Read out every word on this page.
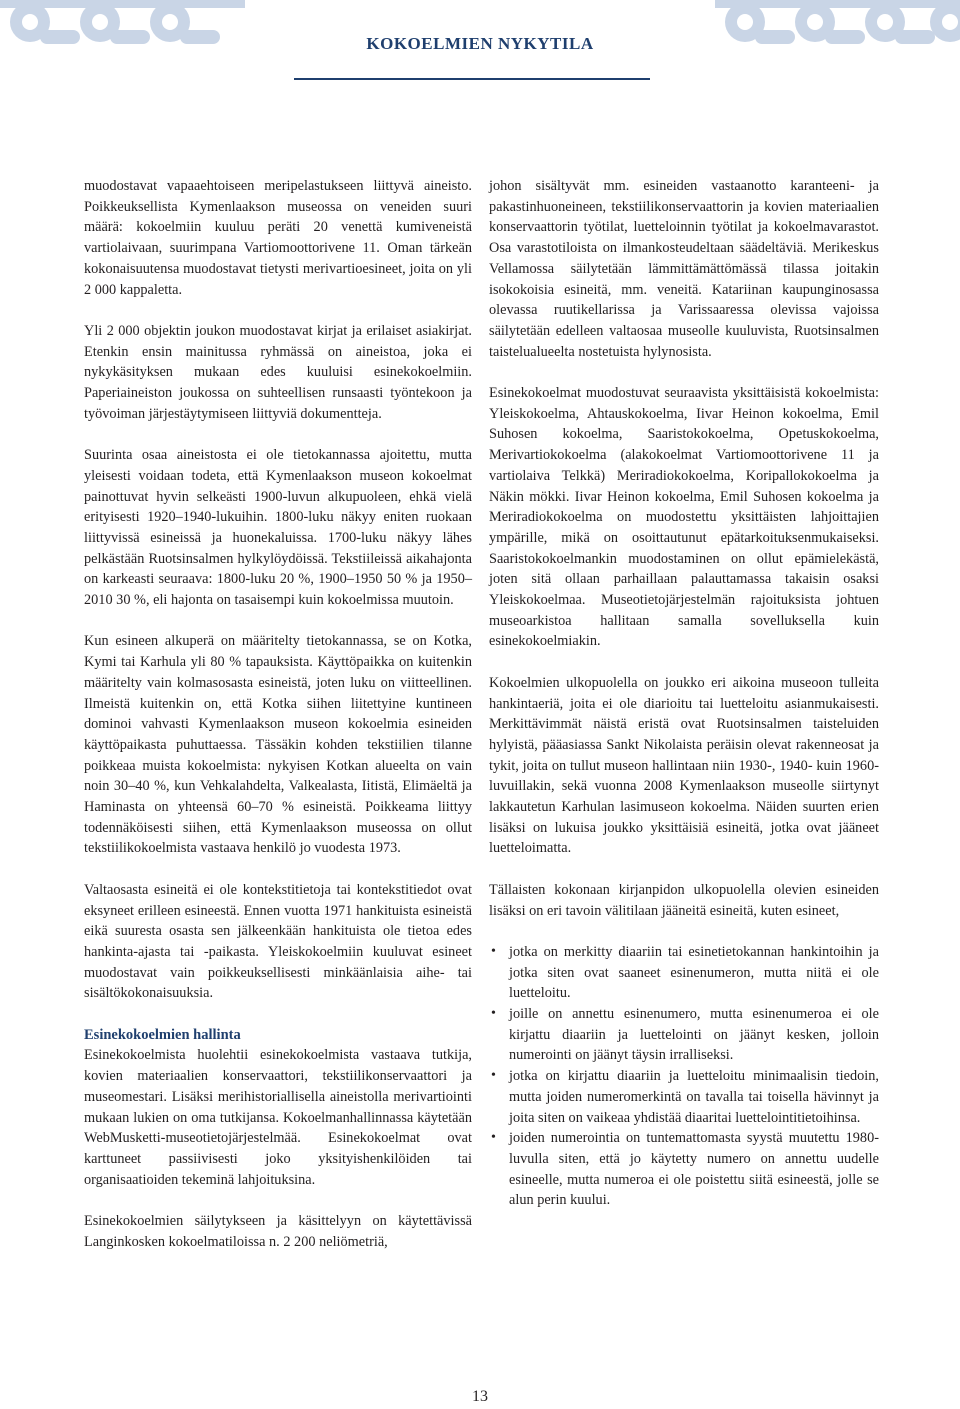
KOKOELMIEN NYKYTILA

muodostavat vapaaehtoiseen meripelastukseen liittyvä aineisto. Poikkeuksellista Kymenlaakson museossa on veneiden suuri määrä: kokoelmiin kuuluu peräti 20 venettä kumiveneistä vartiolaivaan, suurimpana Vartiomoottorivene 11. Oman tärkeän kokonaisuutensa muodostavat tietysti merivartioesineet, joita on yli 2 000 kappaletta.

Yli 2 000 objektin joukon muodostavat kirjat ja erilaiset asiakirjat. Etenkin ensin mainitussa ryhmässä on aineistoa, joka ei nykykäsityksen mukaan edes kuuluisi esinekokoelmiin. Paperiaineiston joukossa on suhteellisen runsaasti työntekoon ja työvoiman järjestäytymiseen liittyviä dokumentteja.

Suurinta osaa aineistosta ei ole tietokannassa ajoitettu, mutta yleisesti voidaan todeta, että Kymenlaakson museon kokoelmat painottuvat hyvin selkeästi 1900-luvun alkupuoleen, ehkä vielä erityisesti 1920–1940-lukuihin. 1800-luku näkyy eniten ruokaan liittyvissä esineissä ja huonekaluissa. 1700-luku näkyy lähes pelkästään Ruotsinsalmen hylkylöydöissä. Tekstiileissä aikahajonta on karkeasti seuraava: 1800-luku 20 %, 1900–1950 50 % ja 1950–2010 30 %, eli hajonta on tasaisempi kuin kokoelmissa muutoin.

Kun esineen alkuperä on määritelty tietokannassa, se on Kotka, Kymi tai Karhula yli 80 % tapauksista. Käyttöpaikka on kuitenkin määritelty vain kolmasosasta esineistä, joten luku on viitteellinen. Ilmeistä kuitenkin on, että Kotka siihen liitettyine kuntineen dominoi vahvasti Kymenlaakson museon kokoelmia esineiden käyttöpaikasta puhuttaessa. Tässäkin kohden tekstiilien tilanne poikkeaa muista kokoelmista: nykyisen Kotkan alueelta on vain noin 30–40 %, kun Vehkalahdelta, Valkealasta, Iitistä, Elimäeltä ja Haminasta on yhteensä 60–70 % esineistä. Poikkeama liittyy todennäköisesti siihen, että Kymenlaakson museossa on ollut tekstiilikokoelmista vastaava henkilö jo vuodesta 1973.

Valtaosasta esineitä ei ole kontekstitietoja tai kontekstitiedot ovat eksyneet erilleen esineestä. Ennen vuotta 1971 hankituista esineistä eikä suuresta osasta sen jälkeenkään hankituista ole tietoa edes hankinta-ajasta tai -paikasta. Yleiskokoelmiin kuuluvat esineet muodostavat vain poikkeuksellisesti minkäänlaisia aihe- tai sisältökokonaisuuksia.

Esinekokoelmien hallinta
Esinekokoelmista huolehtii esinekokoelmista vastaava tutkija, kovien materiaalien konservaattori, tekstiilikonservaattori ja museomestari. Lisäksi merihistoriallisella aineistolla merivartiointi mukaan lukien on oma tutkijansa. Kokoelmanhallinnassa käytetään WebMusketti-museotietojärjestelmää. Esinekokoelmat ovat karttuneet passiivisesti joko yksityishenkilöiden tai organisaatioiden tekeminä lahjoituksina.

Esinekokoelmien säilytykseen ja käsittelyyn on käytettävissä Langinkosken kokoelmatiloissa n. 2 200 neliömetriä,

johon sisältyvät mm. esineiden vastaanotto karanteeni- ja pakastinhuoneineen, tekstiilikonservaattorin ja kovien materiaalien konservaattorin työtilat, luetteloinnin työtilat ja kokoelmavarastot. Osa varastotiloista on ilmankosteudeltaan säädeltäviä. Merikeskus Vellamossa säilytetään lämmittämättömässä tilassa joitakin isokokoisia esineitä, mm. veneitä. Katariinan kaupunginosassa olevassa ruutikellarissa ja Varissaaressa olevissa vajoissa säilytetään edelleen valtaosaa museolle kuuluvista, Ruotsinsalmen taistelualueelta nostetuista hylynosista.

Esinekokoelmat muodostuvat seuraavista yksittäisistä kokoelmista: Yleiskokoelma, Ahtauskokoelma, Iivar Heinon kokoelma, Emil Suhosen kokoelma, Saaristokokoelma, Opetuskokoelma, Merivartiokokoelma (alakokoelmat Vartiomoottorivene 11 ja vartiolaiva Telkkä) Meriradiokokoelma, Koripallokokoelma ja Näkin mökki. Iivar Heinon kokoelma, Emil Suhosen kokoelma ja Meriradiokokoelma on muodostettu yksittäisten lahjoittajien ympärille, mikä on osoittautunut epätarkoituksenmukaiseksi. Saaristokokoelmankin muodostaminen on ollut epämielekästä, joten sitä ollaan parhaillaan palauttamassa takaisin osaksi Yleiskokoelmaa. Museotietojärjestelmän rajoituksista johtuen museoarkistoa hallitaan samalla sovelluksella kuin esinekokoelmiakin.

Kokoelmien ulkopuolella on joukko eri aikoina museoon tulleita hankintaeriä, joita ei ole diarioitu tai luetteloitu asianmukaisesti. Merkittävimmät näistä eristä ovat Ruotsinsalmen taisteluiden hylyistä, pääasiassa Sankt Nikolaista peräisin olevat rakenneosat ja tykit, joita on tullut museon hallintaan niin 1930-, 1940- kuin 1960-luvuillakin, sekä vuonna 2008 Kymenlaakson museolle siirtynyt lakkautetun Karhulan lasimuseon kokoelma. Näiden suurten erien lisäksi on lukuisa joukko yksittäisiä esineitä, jotka ovat jääneet luetteloimatta.

Tällaisten kokonaan kirjanpidon ulkopuolella olevien esineiden lisäksi on eri tavoin välitilaan jääneitä esineitä, kuten esineet,

• jotka on merkitty diaariin tai esinetietokannan hankintoihin ja jotka siten ovat saaneet esinenumeron, mutta niitä ei ole luetteloitu.
• joille on annettu esinenumero, mutta esinenumeroa ei ole kirjattu diaariin ja luettelointi on jäänyt kesken, jolloin numerointi on jäänyt täysin irralliseksi.
• jotka on kirjattu diaariin ja luetteloitu minimaalisin tiedoin, mutta joiden numeromerkintä on tavalla tai toisella hävinnyt ja joita siten on vaikeaa yhdistää diaaritai luettelointitietoihinsa.
• joiden numerointia on tuntemattomasta syystä muutettu 1980-luvulla siten, että jo käytetty numero on annettu uudelle esineelle, mutta numeroa ei ole poistettu siitä esineestä, jolle se alun perin kuului.
13
